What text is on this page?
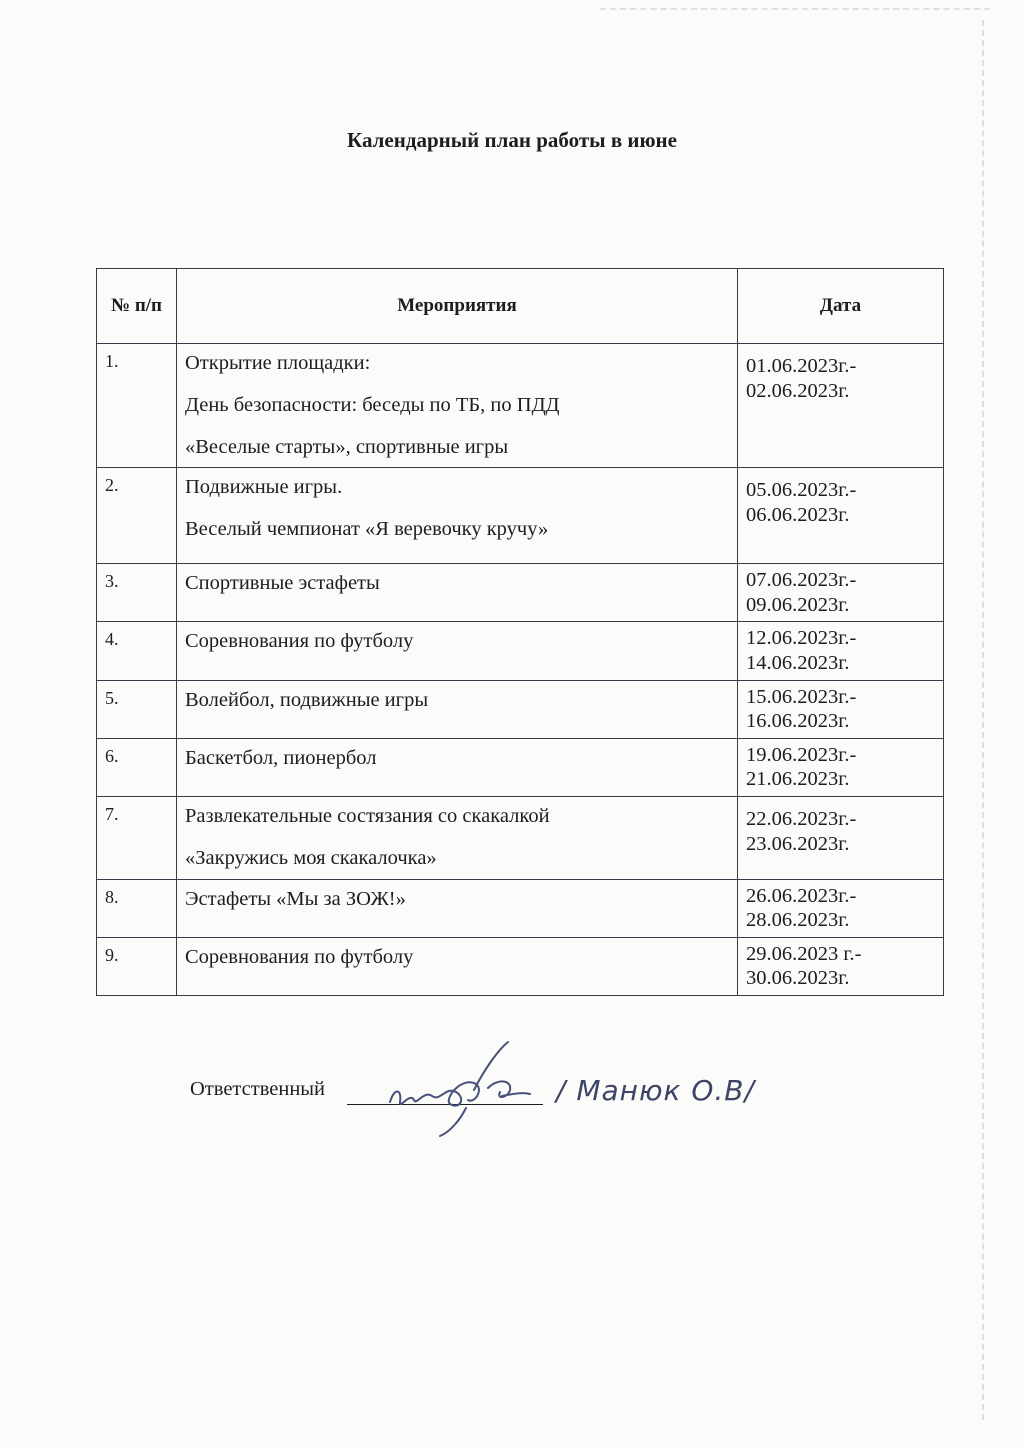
Календарный план работы в июне
№ п/п	Мероприятия	Дата
1.	Открытие площадки:
День безопасности: беседы по ТБ, по ПДД
«Веселые старты», спортивные игры	01.06.2023г.-
02.06.2023г.

2.	Подвижные игры.
Веселый чемпионат «Я веревочку кручу»	05.06.2023г.-
06.06.2023г.

3.	Спортивные эстафеты	07.06.2023г.-
09.06.2023г.

4.	Соревнования по футболу	12.06.2023г.-
14.06.2023г.

5.	Волейбол, подвижные игры	15.06.2023г.-
16.06.2023г.

6.	Баскетбол, пионербол	19.06.2023г.-
21.06.2023г.

7.	Развлекательные состязания со скакалкой
«Закружись моя скакалочка»	22.06.2023г.-
23.06.2023г.

8.	Эстафеты «Мы за ЗОЖ!»	26.06.2023г.-
28.06.2023г.

9.	Соревнования по футболу	29.06.2023 г.-
30.06.2023г.
Ответственный	/ Манюк О.В/
